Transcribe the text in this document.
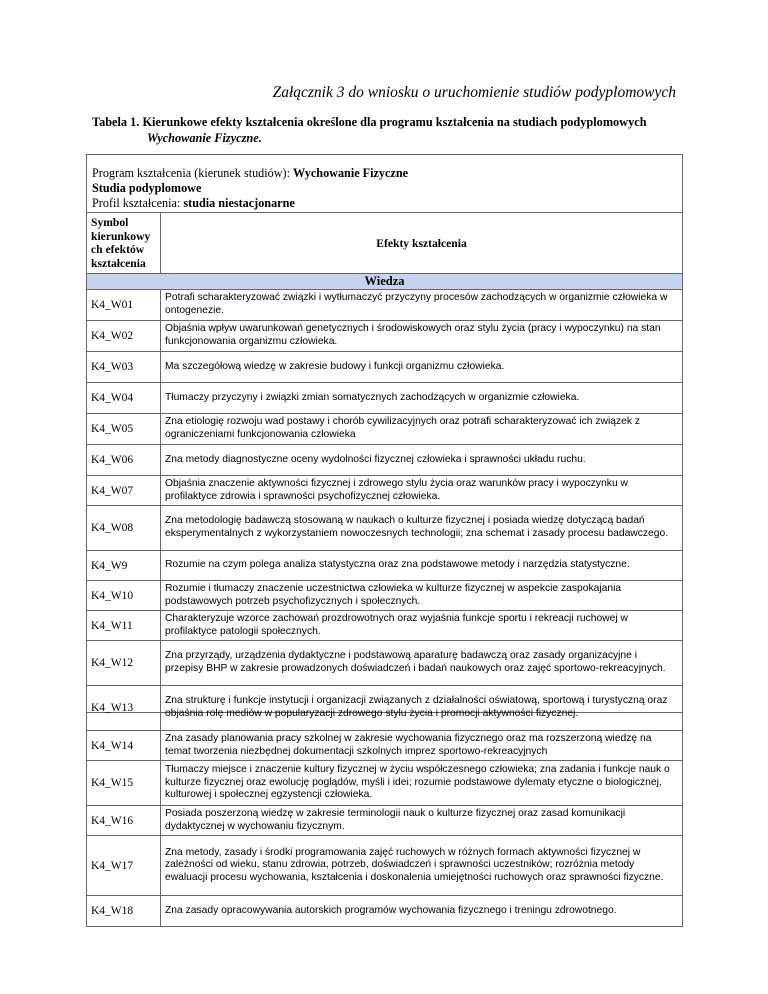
Załącznik 3 do wniosku o uruchomienie studiów podyplomowych
Tabela 1. Kierunkowe efekty kształcenia określone dla programu kształcenia na studiach podyplomowych
Wychowanie Fizyczne.
Program kształcenia (kierunek studiów): Wychowanie Fizyczne
Studia podyplomowe
Profil kształcenia: studia niestacjonarne
Symbol kierunkowy ch efektów kształcenia	Efekty kształcenia
Wiedza	
K4_W01	Potrafi scharakteryzować związki i wytłumaczyć przyczyny procesów zachodzących w organizmie człowieka w ontogenezie.
K4_W02	Objaśnia wpływ uwarunkowań genetycznych i środowiskowych oraz stylu życia (pracy i wypoczynku) na stan funkcjonowania organizmu człowieka.
K4_W03	Ma szczegółową wiedzę w zakresie budowy i funkcji organizmu człowieka.
K4_W04	Tłumaczy przyczyny i związki zmian somatycznych zachodzących w organizmie człowieka.
K4_W05	Zna etiologię rozwoju wad postawy i chorób cywilizacyjnych oraz potrafi scharakteryzować ich związek z ograniczeniami funkcjonowania człowieka
K4_W06	Zna metody diagnostyczne oceny wydolności fizycznej człowieka i sprawności układu ruchu.
K4_W07	Objaśnia znaczenie aktywności fizycznej i zdrowego stylu życia oraz warunków pracy i wypoczynku w profilaktyce zdrowia i sprawności psychofizycznej człowieka.
K4_W08	Zna metodologię badawczą stosowaną w naukach o kulturze fizycznej i posiada wiedzę dotyczącą badań eksperymentalnych z wykorzystaniem nowoczesnych technologii; zna schemat i zasady procesu badawczego.
K4_W9	Rozumie na czym polega analiza statystyczna oraz zna podstawowe metody i narzędzia statystyczne.
K4_W10	Rozumie i tłumaczy znaczenie uczestnictwa człowieka w kulturze fizycznej w aspekcie zaspokajania podstawowych potrzeb psychofizycznych i społecznych.
K4_W11	Charakteryzuje wzorce zachowań prozdrowotnych oraz wyjaśnia funkcje sportu i rekreacji ruchowej w profilaktyce patologii społecznych.
K4_W12	Zna przyrządy, urządzenia dydaktyczne i podstawową aparaturę badawczą oraz zasady organizacyjne i przepisy BHP w zakresie prowadzonych doświadczeń i badań naukowych oraz zajęć sportowo-rekreacyjnych.
K4_W13	Zna strukturę i funkcje instytucji i organizacji związanych z działalności oświatową, sportową i turystyczną oraz objaśnia rolę mediów w popularyzacji zdrowego stylu życia i promocji aktywności fizycznej.
K4_W14	Zna zasady planowania pracy szkolnej w zakresie wychowania fizycznego oraz ma rozszerzoną wiedzę na temat tworzenia niezbędnej dokumentacji szkolnych imprez sportowo-rekreacyjnych
K4_W15	Tłumaczy miejsce i znaczenie kultury fizycznej w życiu współczesnego człowieka; zna zadania i funkcje nauk o kulturze fizycznej oraz ewolucję poglądów, myśli i idei; rozumie podstawowe dylematy etyczne o biologicznej, kulturowej i społecznej egzystencji człowieka.
K4_W16	Posiada poszerzoną wiedzę w zakresie terminologii nauk o kulturze fizycznej oraz zasad komunikacji dydaktycznej w wychowaniu fizycznym.
K4_W17	Zna metody, zasady i środki programowania zajęć ruchowych w różnych formach aktywności fizycznej w zależności od wieku, stanu zdrowia, potrzeb, doświadczeń i sprawności uczestników; rozróżnia metody ewaluacji procesu wychowania, kształcenia i doskonalenia umiejętności ruchowych oraz sprawności fizyczne.
K4_W18	Zna zasady opracowywania autorskich programów wychowania fizycznego i treningu zdrowotnego.
